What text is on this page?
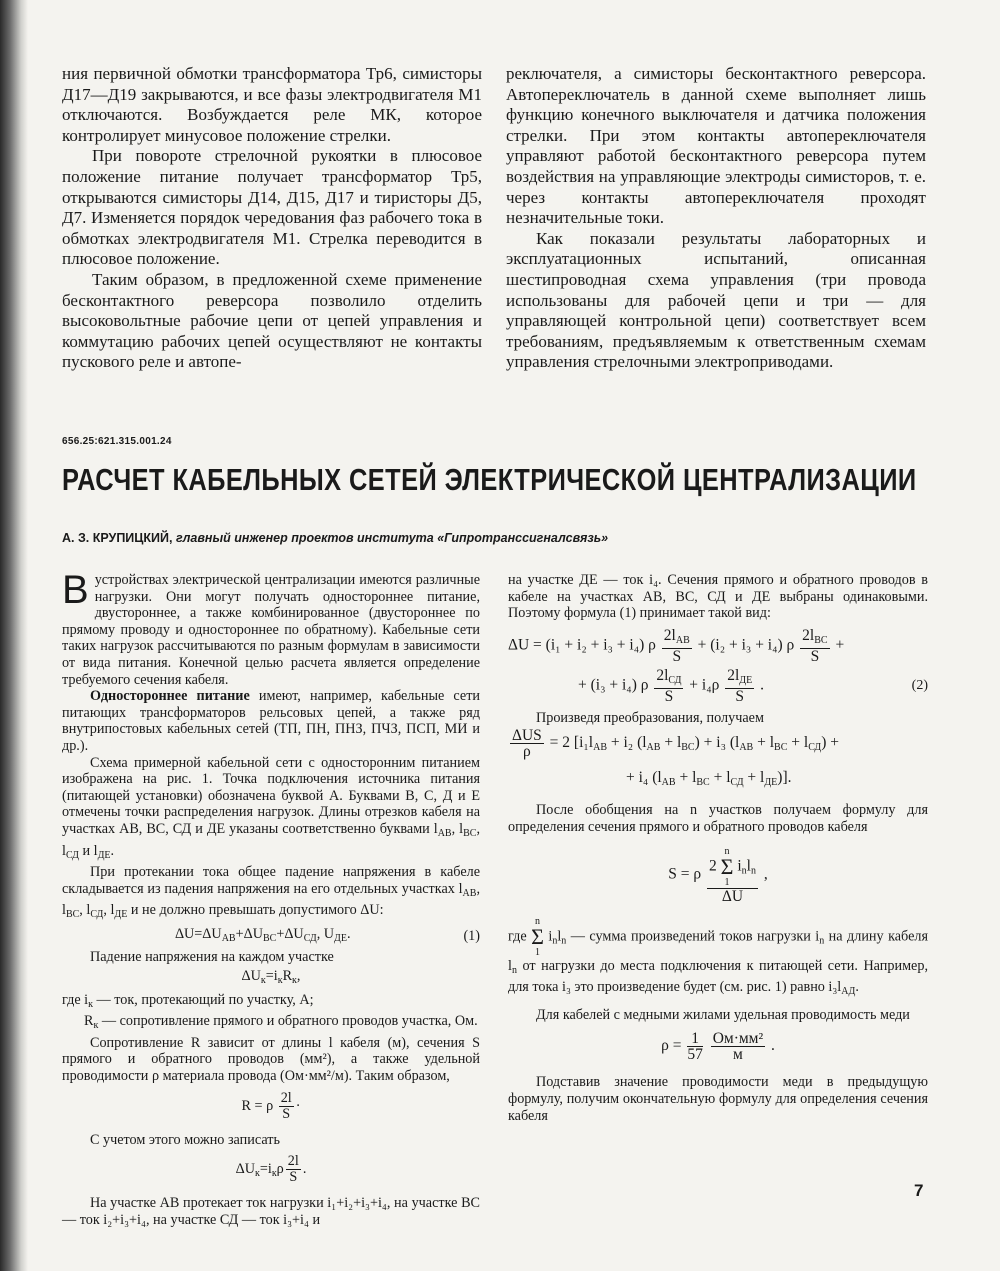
ния первичной обмотки трансформатора Тр6, симисторы Д17—Д19 закрываются, и все фазы электродвигателя М1 отключаются. Возбуждается реле МК, которое контролирует минусовое положение стрелки.

При повороте стрелочной рукоятки в плюсовое положение питание получает трансформатор Тр5, открываются симисторы Д14, Д15, Д17 и тиристоры Д5, Д7. Изменяется порядок чередования фаз рабочего тока в обмотках электродвигателя М1. Стрелка переводится в плюсовое положение.

Таким образом, в предложенной схеме применение бесконтактного реверсора позволило отделить высоковольтные рабочие цепи от цепей управления и коммутацию рабочих цепей осуществляют не контакты пускового реле и автопе-

реключателя, а симисторы бесконтактного реверсора. Автопереключатель в данной схеме выполняет лишь функцию конечного выключателя и датчика положения стрелки. При этом контакты автопереключателя управляют работой бесконтактного реверсора путем воздействия на управляющие электроды симисторов, т. е. через контакты автопереключателя проходят незначительные токи.

Как показали результаты лабораторных и эксплуатационных испытаний, описанная шестипроводная схема управления (три провода использованы для рабочей цепи и три — для управляющей контрольной цепи) соответствует всем требованиям, предъявляемым к ответственным схемам управления стрелочными электроприводами.

656.25:621.315.001.24
РАСЧЕТ КАБЕЛЬНЫХ СЕТЕЙ ЭЛЕКТРИЧЕСКОЙ ЦЕНТРАЛИЗАЦИИ
А. З. КРУПИЦКИЙ, главный инженер проектов института «Гипротранссигналсвязь»

Вустройствах электрической централизации имеются различные нагрузки. Они могут получать одностороннее питание, двустороннее, а также комбинированное (двустороннее по прямому проводу и одностороннее по обратному). Кабельные сети таких нагрузок рассчитываются по разным формулам в зависимости от вида питания. Конечной целью расчета является определение требуемого сечения кабеля.

Одностороннее питание имеют, например, кабельные сети питающих трансформаторов рельсовых цепей, а также ряд внутрипостовых кабельных сетей (ТП, ПН, ПНЗ, ПЧЗ, ПСП, МИ и др.).

Схема примерной кабельной сети с односторонним питанием изображена на рис. 1. Точка подключения источника питания (питающей установки) обозначена буквой А. Буквами В, С, Д и Е отмечены точки распределения нагрузок. Длины отрезков кабеля на участках АВ, ВС, СД и ДЕ указаны соответственно буквами $l_{АВ}$, $l_{ВС}$, $l_{СД}$ и $l_{ДЕ}$.

При протекании тока общее падение напряжения в кабеле складывается из падения напряжения на его отдельных участках $l_{АВ}$, $l_{ВС}$, $l_{СД}$, $l_{ДЕ}$ и не должно превышать допустимого ΔU:

$\Delta U=\Delta U_{АВ}+\Delta U_{ВС}+\Delta U_{СД}$, $U_{ДЕ}$.	(1)

Падение напряжения на каждом участке

$\Delta U_к=i_кR_к$,

где $i_к$ — ток, протекающий по участку, А;

$R_к$ — сопротивление прямого и обратного проводов участка, Ом.

Сопротивление R зависит от длины l кабеля (м), сечения S прямого и обратного проводов (мм²), а также удельной проводимости ρ материала провода (Ом·мм²/м). Таким образом,

R = ρ $\frac{2l}{S}$ ·

С учетом этого можно записать

$\Delta U_к=i_к\rho \frac{2l}{S}$ .

На участке АВ протекает ток нагрузки i₁+i₂+i₃+i₄, на участке ВС — ток i₂+i₃+i₄, на участке СД — ток i₃+i₄ и

на участке ДЕ — ток i₄. Сечения прямого и обратного проводов в кабеле на участках АВ, ВС, СД и ДЕ выбраны одинаковыми. Поэтому формула (1) принимает такой вид:

ΔU = (i₁ + i₂ + i₃ + i₄) ρ $\frac{2l_{АВ}}{S} + (i_2 + i_3 + i_4)$ ρ $\frac{2l_{ВС}}{S}$ +
+ (i₃ + i₄) ρ $\frac{2l_{СД}}{S} + i_4\rho \frac{2l_{ДЕ}}{S}$ .	(2)

Произведя преобразования, получаем

$\frac{\text{ΔUS}}{\rho} = 2$ [$i_1l_{АВ} + i_2$ $(l_{АВ} + l_{ВС}) + i_3$ $(l_{АВ} + l_{ВС} + l_{СД})$ +
+ i₄ $(l_{АВ} + l_{ВС} + l_{СД} + l_{ДЕ})$].

После обобщения на n участков получаем формулу для определения сечения прямого и обратного проводов кабеля

S = ρ 2 n
Σ
1 $i_nl_n$
ΔU ,

где n
Σ
1 $i_nl_n$ — сумма произведений токов нагрузки $i_n$ на длину кабеля $l_n$ от нагрузки до места подключения к питающей сети. Например, для тока i₃ это произведение будет (см. рис. 1) равно $i_3l_{АД}$.

Для кабелей с медными жилами удельная проводимость меди

$\rho = \frac{1}{57}$
$\frac{\text{Ом·мм²}}{м}$ .

Подставив значение проводимости меди в предыдущую формулу, получим окончательную формулу для определения сечения кабеля

7
